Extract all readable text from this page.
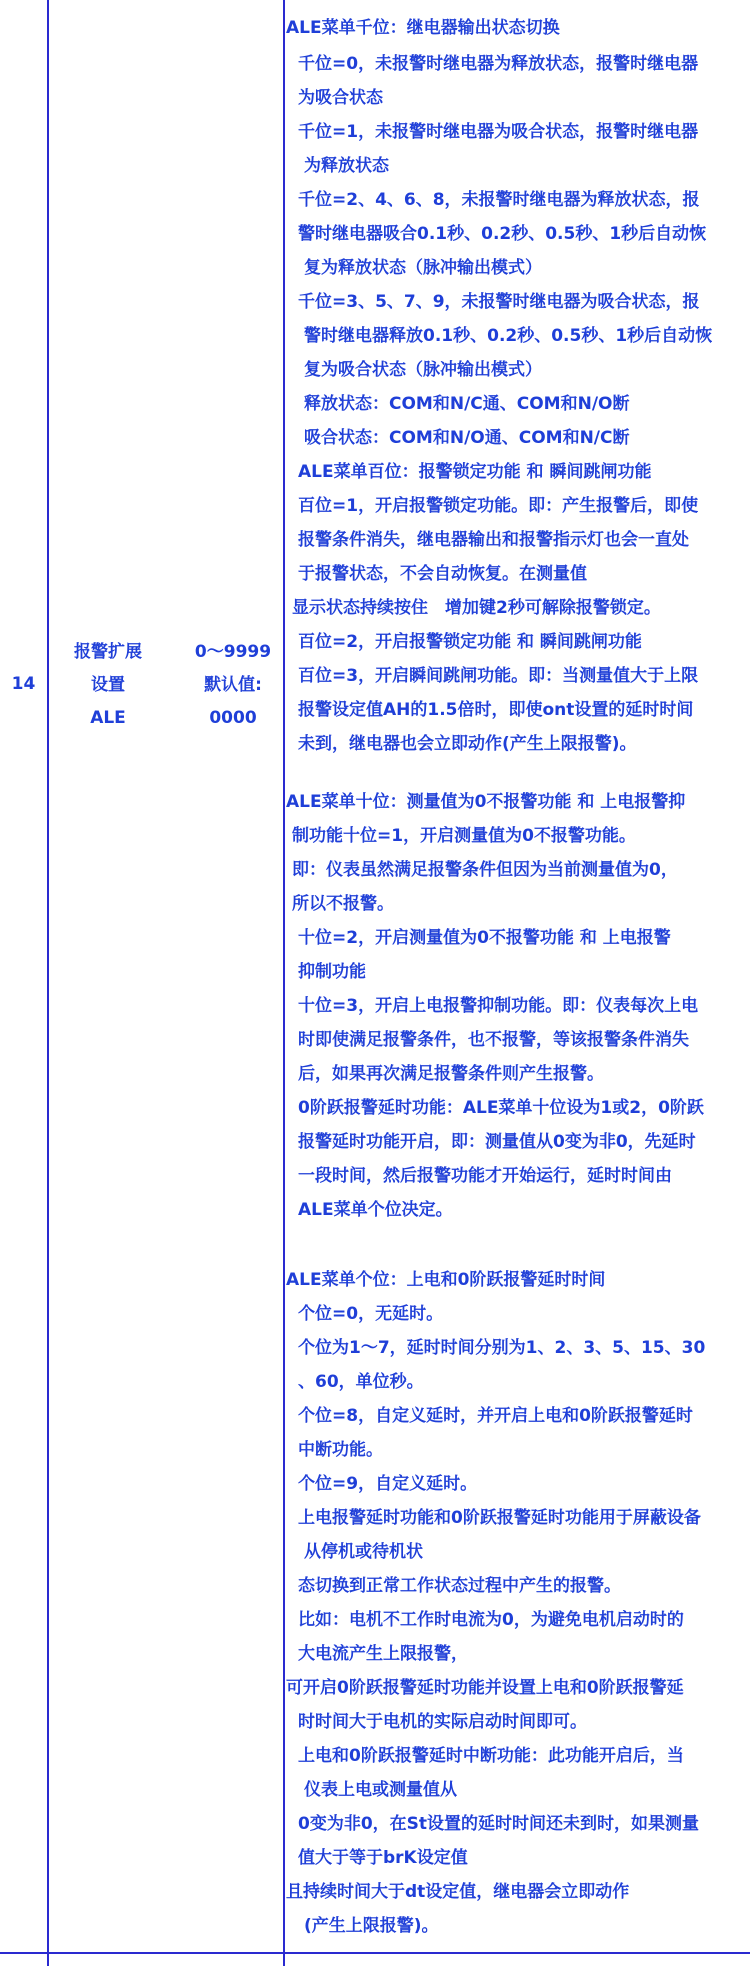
14
报警扩展
设置
ALE
0～9999
默认值:
0000
ALE菜单千位：继电器输出状态切换
千位=0，未报警时继电器为释放状态，报警时继电器
为吸合状态
千位=1，未报警时继电器为吸合状态，报警时继电器
为释放状态
千位=2、4、6、8，未报警时继电器为释放状态，报
警时继电器吸合0.1秒、0.2秒、0.5秒、1秒后自动恢
复为释放状态（脉冲输出模式）
千位=3、5、7、9，未报警时继电器为吸合状态，报
警时继电器释放0.1秒、0.2秒、0.5秒、1秒后自动恢
复为吸合状态（脉冲输出模式）
释放状态：COM和N/C通、COM和N/O断
吸合状态：COM和N/O通、COM和N/C断
ALE菜单百位：报警锁定功能 和 瞬间跳闸功能
百位=1，开启报警锁定功能。即：产生报警后，即使
报警条件消失，继电器输出和报警指示灯也会一直处
于报警状态，不会自动恢复。在测量值
显示状态持续按住　增加键2秒可解除报警锁定。
百位=2，开启报警锁定功能 和 瞬间跳闸功能
百位=3，开启瞬间跳闸功能。即：当测量值大于上限
报警设定值AH的1.5倍时，即使ont设置的延时时间
未到，继电器也会立即动作(产生上限报警)。
ALE菜单十位：测量值为0不报警功能 和 上电报警抑
制功能十位=1，开启测量值为0不报警功能。
即：仪表虽然满足报警条件但因为当前测量值为0，
所以不报警。
十位=2，开启测量值为0不报警功能 和 上电报警
抑制功能
十位=3，开启上电报警抑制功能。即：仪表每次上电
时即使满足报警条件，也不报警，等该报警条件消失
后，如果再次满足报警条件则产生报警。
0阶跃报警延时功能：ALE菜单十位设为1或2，0阶跃
报警延时功能开启，即：测量值从0变为非0，先延时
一段时间，然后报警功能才开始运行，延时时间由
ALE菜单个位决定。
ALE菜单个位：上电和0阶跃报警延时时间
个位=0，无延时。
个位为1～7，延时时间分别为1、2、3、5、15、30
、60，单位秒。
个位=8，自定义延时，并开启上电和0阶跃报警延时
中断功能。
个位=9，自定义延时。
上电报警延时功能和0阶跃报警延时功能用于屏蔽设备
从停机或待机状
态切换到正常工作状态过程中产生的报警。
比如：电机不工作时电流为0，为避免电机启动时的
大电流产生上限报警，
可开启0阶跃报警延时功能并设置上电和0阶跃报警延
时时间大于电机的实际启动时间即可。
上电和0阶跃报警延时中断功能：此功能开启后，当
仪表上电或测量值从
0变为非0，在St设置的延时时间还未到时，如果测量
值大于等于brK设定值
且持续时间大于dt设定值，继电器会立即动作
(产生上限报警)。
